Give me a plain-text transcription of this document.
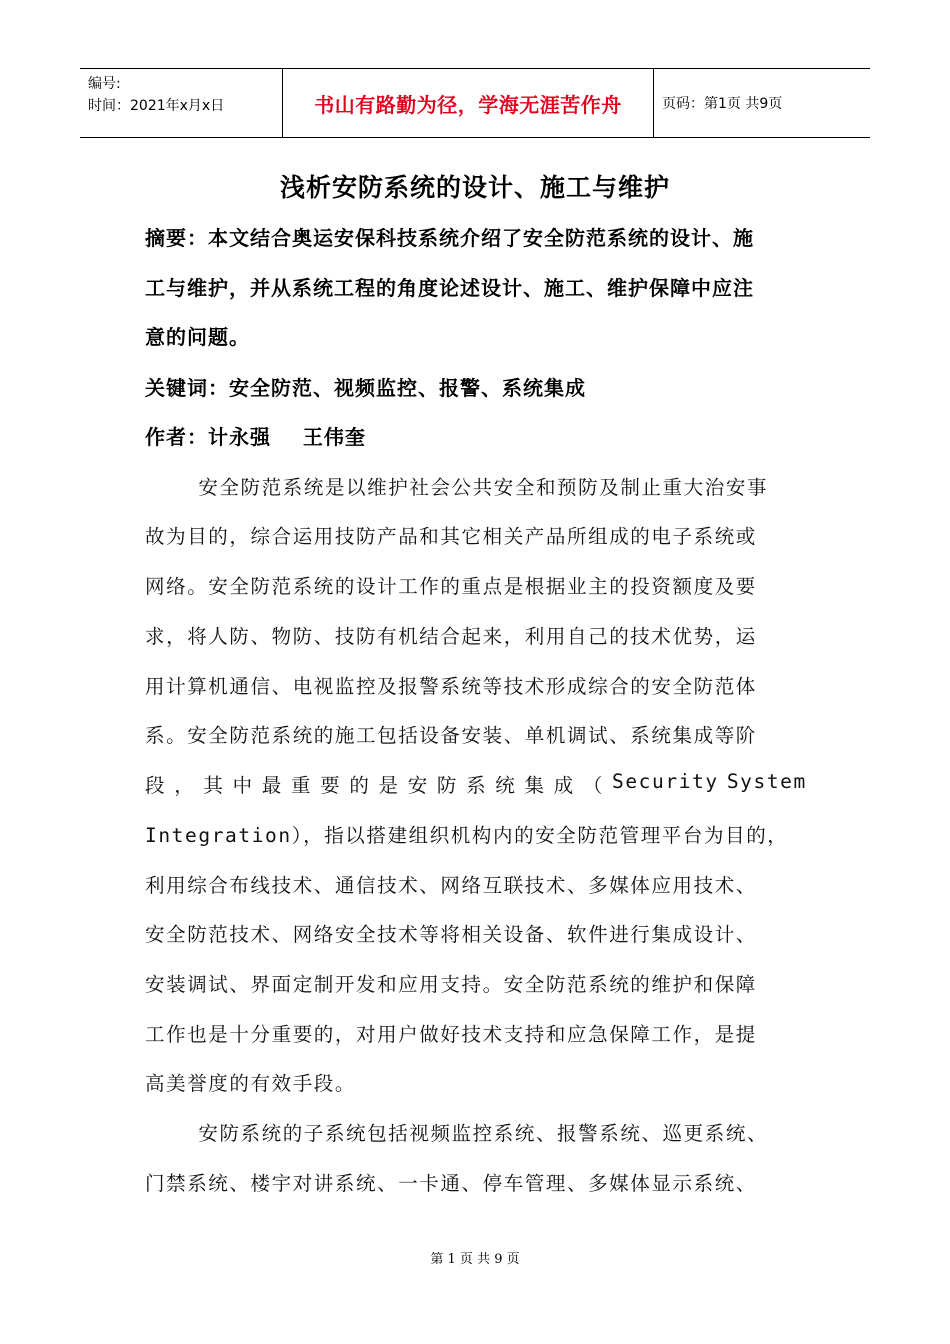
编号:
时间：2021年x月x日	书山有路勤为径，学海无涯苦作舟	页码：第1页 共9页
浅析安防系统的设计、施工与维护
摘要：本文结合奥运安保科技系统介绍了安全防范系统的设计、施
工与维护，并从系统工程的角度论述设计、施工、维护保障中应注
意的问题。
关键词：安全防范、视频监控、报警、系统集成
作者：计永强    王伟奎
安全防范系统是以维护社会公共安全和预防及制止重大治安事
故为目的，综合运用技防产品和其它相关产品所组成的电子系统或
网络。安全防范系统的设计工作的重点是根据业主的投资额度及要
求，将人防、物防、技防有机结合起来，利用自己的技术优势，运
用计算机通信、电视监控及报警系统等技术形成综合的安全防范体
系。安全防范系统的施工包括设备安装、单机调试、系统集成等阶
段 ， 其 中 最 重 要 的 是 安 防 系 统 集 成 （ Security System
Integration），指以搭建组织机构内的安全防范管理平台为目的，
利用综合布线技术、通信技术、网络互联技术、多媒体应用技术、
安全防范技术、网络安全技术等将相关设备、软件进行集成设计、
安装调试、界面定制开发和应用支持。安全防范系统的维护和保障
工作也是十分重要的，对用户做好技术支持和应急保障工作，是提
高美誉度的有效手段。
安防系统的子系统包括视频监控系统、报警系统、巡更系统、
门禁系统、楼宇对讲系统、一卡通、停车管理、多媒体显示系统、
第 1 页 共 9 页
